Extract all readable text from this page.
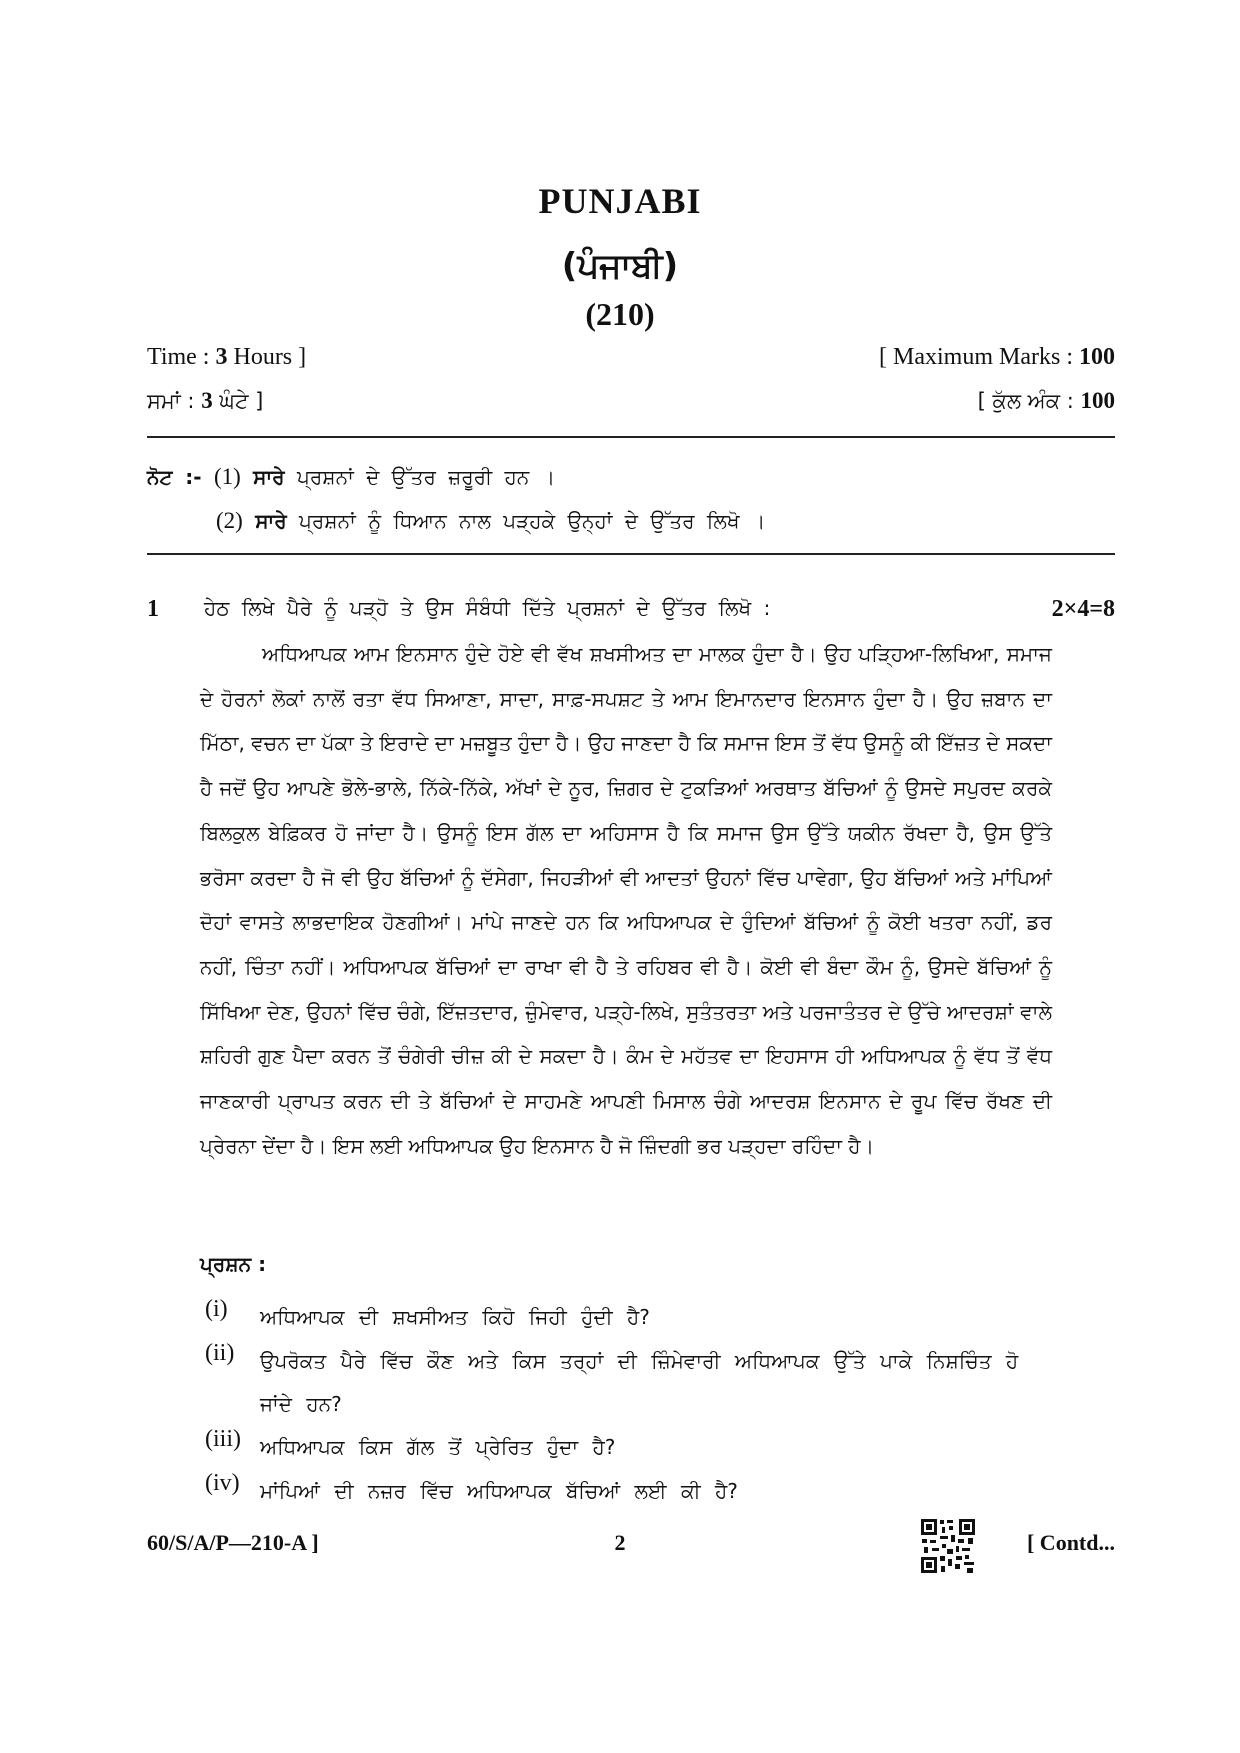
PUNJABI
(ਪੰਜਾਬੀ)
(210)
Time : 3 Hours ]	[ Maximum Marks : 100
ਸਮਾਂ : 3 ਘੰਟੇ ]	[ ਕੁੱਲ ਅੰਕ : 100
ਨੋਟ :- (1) ਸਾਰੇ ਪ੍ਰਸ਼ਨਾਂ ਦੇ ਉੱਤਰ ਜ਼ਰੂਰੀ ਹਨ ।
(2) ਸਾਰੇ ਪ੍ਰਸ਼ਨਾਂ ਨੂੰ ਧਿਆਨ ਨਾਲ ਪੜ੍ਹਕੇ ਉਨ੍ਹਾਂ ਦੇ ਉੱਤਰ ਲਿਖੋ ।
1 ਹੇਠ ਲਿਖੇ ਪੈਰੇ ਨੂੰ ਪੜ੍ਹੋ ਤੇ ਉਸ ਸੰਬੰਧੀ ਦਿੱਤੇ ਪ੍ਰਸ਼ਨਾਂ ਦੇ ਉੱਤਰ ਲਿਖੋ :	2×4=8

ਅਧਿਆਪਕ ਆਮ ਇਨਸਾਨ ਹੁੰਦੇ ਹੋਏ ਵੀ ਵੱਖ ਸ਼ਖਸੀਅਤ ਦਾ ਮਾਲਕ ਹੁੰਦਾ ਹੈ। ਉਹ ਪੜ੍ਹਿਆ-ਲਿਖਿਆ, ਸਮਾਜ ਦੇ ਹੋਰਨਾਂ ਲੋਕਾਂ ਨਾਲੋਂ ਰਤਾ ਵੱਧ ਸਿਆਣਾ, ਸਾਦਾ, ਸਾਫ਼-ਸਪਸ਼ਟ ਤੇ ਆਮ ਇਮਾਨਦਾਰ ਇਨਸਾਨ ਹੁੰਦਾ ਹੈ। ਉਹ ਜ਼ਬਾਨ ਦਾ ਮਿੱਠਾ, ਵਚਨ ਦਾ ਪੱਕਾ ਤੇ ਇਰਾਦੇ ਦਾ ਮਜ਼ਬੂਤ ਹੁੰਦਾ ਹੈ। ਉਹ ਜਾਣਦਾ ਹੈ ਕਿ ਸਮਾਜ ਇਸ ਤੋਂ ਵੱਧ ਉਸਨੂੰ ਕੀ ਇੱਜ਼ਤ ਦੇ ਸਕਦਾ ਹੈ ਜਦੋਂ ਉਹ ਆਪਣੇ ਭੋਲੇ-ਭਾਲੇ, ਨਿੱਕੇ-ਨਿੱਕੇ, ਅੱਖਾਂ ਦੇ ਨੂਰ, ਜ਼ਿਗਰ ਦੇ ਟੁਕੜਿਆਂ ਅਰਥਾਤ ਬੱਚਿਆਂ ਨੂੰ ਉਸਦੇ ਸਪੁਰਦ ਕਰਕੇ ਬਿਲਕੁਲ ਬੇਫ਼ਿਕਰ ਹੋ ਜਾਂਦਾ ਹੈ। ਉਸਨੂੰ ਇਸ ਗੱਲ ਦਾ ਅਹਿਸਾਸ ਹੈ ਕਿ ਸਮਾਜ ਉਸ ਉੱਤੇ ਯਕੀਨ ਰੱਖਦਾ ਹੈ, ਉਸ ਉੱਤੇ ਭਰੋਸਾ ਕਰਦਾ ਹੈ ਜੋ ਵੀ ਉਹ ਬੱਚਿਆਂ ਨੂੰ ਦੱਸੇਗਾ, ਜਿਹੜੀਆਂ ਵੀ ਆਦਤਾਂ ਉਹਨਾਂ ਵਿੱਚ ਪਾਵੇਗਾ, ਉਹ ਬੱਚਿਆਂ ਅਤੇ ਮਾਂਪਿਆਂ ਦੋਹਾਂ ਵਾਸਤੇ ਲਾਭਦਾਇਕ ਹੋਣਗੀਆਂ। ਮਾਂਪੇ ਜਾਣਦੇ ਹਨ ਕਿ ਅਧਿਆਪਕ ਦੇ ਹੁੰਦਿਆਂ ਬੱਚਿਆਂ ਨੂੰ ਕੋਈ ਖਤਰਾ ਨਹੀਂ, ਡਰ ਨਹੀਂ, ਚਿੰਤਾ ਨਹੀਂ। ਅਧਿਆਪਕ ਬੱਚਿਆਂ ਦਾ ਰਾਖਾ ਵੀ ਹੈ ਤੇ ਰਹਿਬਰ ਵੀ ਹੈ। ਕੋਈ ਵੀ ਬੰਦਾ ਕੌਮ ਨੂੰ, ਉਸਦੇ ਬੱਚਿਆਂ ਨੂੰ ਸਿੱਖਿਆ ਦੇਣ, ਉਹਨਾਂ ਵਿੱਚ ਚੰਗੇ, ਇੱਜ਼ਤਦਾਰ, ਜ਼ੁੰਮੇਵਾਰ, ਪੜ੍ਹੇ-ਲਿਖੇ, ਸੁਤੰਤਰਤਾ ਅਤੇ ਪਰਜਾਤੰਤਰ ਦੇ ਉੱਚੇ ਆਦਰਸ਼ਾਂ ਵਾਲੇ ਸ਼ਹਿਰੀ ਗੁਣ ਪੈਦਾ ਕਰਨ ਤੋਂ ਚੰਗੇਰੀ ਚੀਜ਼ ਕੀ ਦੇ ਸਕਦਾ ਹੈ। ਕੰਮ ਦੇ ਮਹੱਤਵ ਦਾ ਇਹਸਾਸ ਹੀ ਅਧਿਆਪਕ ਨੂੰ ਵੱਧ ਤੋਂ ਵੱਧ ਜਾਣਕਾਰੀ ਪ੍ਰਾਪਤ ਕਰਨ ਦੀ ਤੇ ਬੱਚਿਆਂ ਦੇ ਸਾਹਮਣੇ ਆਪਣੀ ਮਿਸਾਲ ਚੰਗੇ ਆਦਰਸ਼ ਇਨਸਾਨ ਦੇ ਰੂਪ ਵਿੱਚ ਰੱਖਣ ਦੀ ਪ੍ਰੇਰਨਾ ਦੇਂਦਾ ਹੈ। ਇਸ ਲਈ ਅਧਿਆਪਕ ਉਹ ਇਨਸਾਨ ਹੈ ਜੋ ਜ਼ਿੰਦਗੀ ਭਰ ਪੜ੍ਹਦਾ ਰਹਿੰਦਾ ਹੈ।

ਪ੍ਰਸ਼ਨ :
(i) ਅਧਿਆਪਕ ਦੀ ਸ਼ਖਸੀਅਤ ਕਿਹੋ ਜਿਹੀ ਹੁੰਦੀ ਹੈ?
(ii) ਉਪਰੋਕਤ ਪੈਰੇ ਵਿੱਚ ਕੌਣ ਅਤੇ ਕਿਸ ਤਰ੍ਹਾਂ ਦੀ ਜ਼ਿੰਮੇਵਾਰੀ ਅਧਿਆਪਕ ਉੱਤੇ ਪਾਕੇ ਨਿਸ਼ਚਿੰਤ ਹੋ ਜਾਂਦੇ ਹਨ?
(iii) ਅਧਿਆਪਕ ਕਿਸ ਗੱਲ ਤੋਂ ਪ੍ਰੇਰਿਤ ਹੁੰਦਾ ਹੈ?
(iv) ਮਾਂਪਿਆਂ ਦੀ ਨਜ਼ਰ ਵਿੱਚ ਅਧਿਆਪਕ ਬੱਚਿਆਂ ਲਈ ਕੀ ਹੈ?
60/S/A/P—210-A ]	2	[ Contd...
